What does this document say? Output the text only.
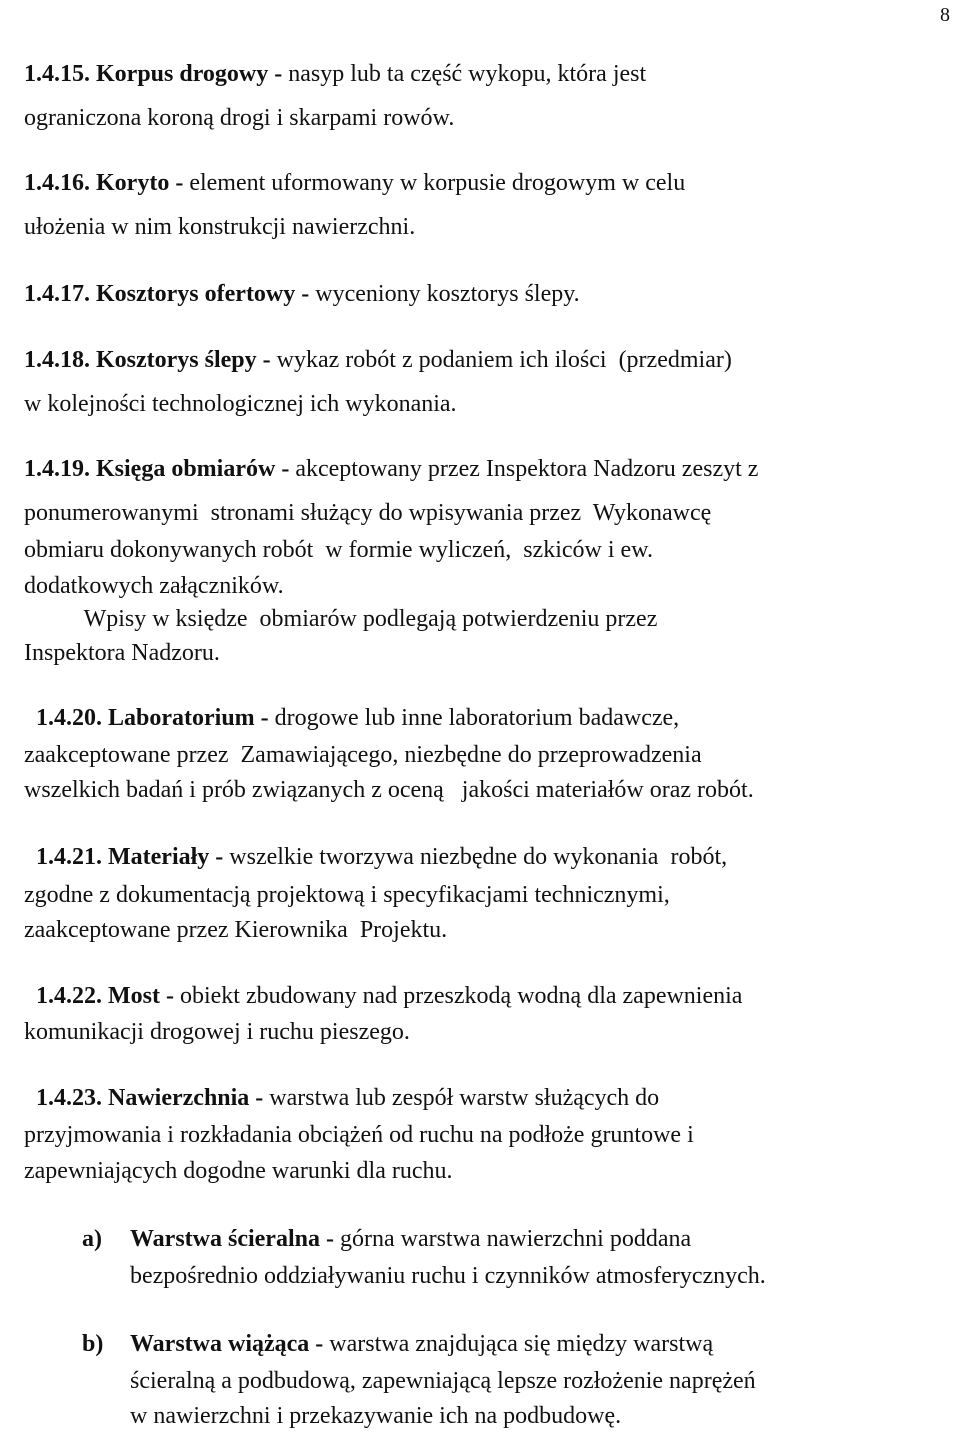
8
1.4.15. Korpus drogowy - nasyp lub ta część wykopu, która jest
ograniczona koroną drogi i skarpami rowów.
1.4.16. Koryto - element uformowany w korpusie drogowym w celu
ułożenia w nim konstrukcji nawierzchni.
1.4.17. Kosztorys ofertowy - wyceniony kosztorys ślepy.
1.4.18. Kosztorys ślepy - wykaz robót z podaniem ich ilości  (przedmiar)
w kolejności technologicznej ich wykonania.
1.4.19. Księga obmiarów - akceptowany przez Inspektora Nadzoru zeszyt z
ponumerowanymi  stronami służący do wpisywania przez  Wykonawcę
obmiaru dokonywanych robót  w formie wyliczeń,  szkiców i ew.
dodatkowych załączników.
Wpisy w księdze  obmiarów podlegają potwierdzeniu przez
Inspektora Nadzoru.
1.4.20. Laboratorium - drogowe lub inne laboratorium badawcze,
zaakceptowane przez  Zamawiającego, niezbędne do przeprowadzenia
wszelkich badań i prób związanych z oceną   jakości materiałów oraz robót.
1.4.21. Materiały - wszelkie tworzywa niezbędne do wykonania  robót,
zgodne z dokumentacją projektową i specyfikacjami technicznymi,
zaakceptowane przez Kierownika  Projektu.
1.4.22. Most - obiekt zbudowany nad przeszkodą wodną dla zapewnienia
komunikacji drogowej i ruchu pieszego.
1.4.23. Nawierzchnia - warstwa lub zespół warstw służących do
przyjmowania i rozkładania obciążeń od ruchu na podłoże gruntowe i
zapewniających dogodne warunki dla ruchu.
a) Warstwa ścieralna - górna warstwa nawierzchni poddana
bezpośrednio oddziaływaniu ruchu i czynników atmosferycznych.
b) Warstwa wiążąca - warstwa znajdująca się między warstwą
ścieralną a podbudową, zapewniającą lepsze rozłożenie naprężeń
w nawierzchni i przekazywanie ich na podbudowę.
